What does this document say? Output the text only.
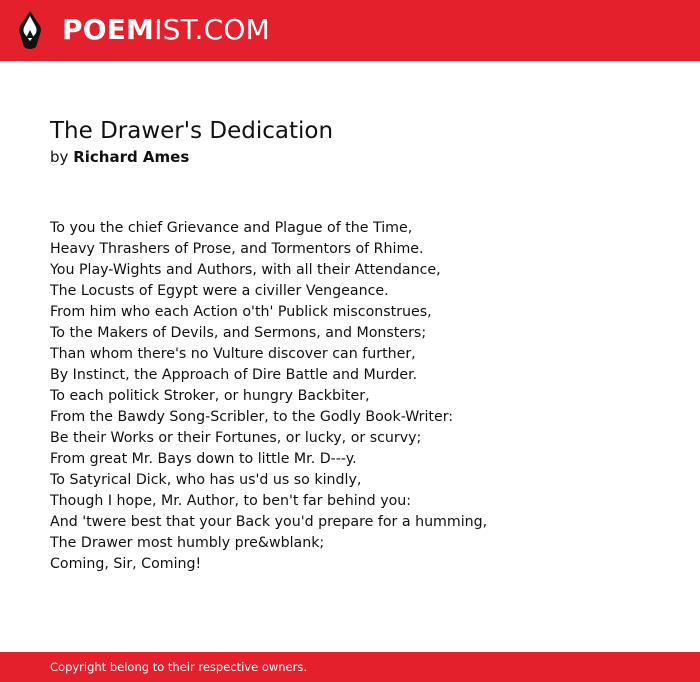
POEMIST.COM
The Drawer's Dedication

by Richard Ames

To you the chief Grievance and Plague of the Time,
Heavy Thrashers of Prose, and Tormentors of Rhime.
You Play-Wights and Authors, with all their Attendance,
The Locusts of Egypt were a civiller Vengeance.
From him who each Action o'th' Publick misconstrues,
To the Makers of Devils, and Sermons, and Monsters;
Than whom there's no Vulture discover can further,
By Instinct, the Approach of Dire Battle and Murder.
To each politick Stroker, or hungry Backbiter,
From the Bawdy Song-Scribler, to the Godly Book-Writer:
Be their Works or their Fortunes, or lucky, or scurvy;
From great Mr. Bays down to little Mr. D---y.
To Satyrical Dick, who has us'd us so kindly,
Though I hope, Mr. Author, to ben't far behind you:
And 'twere best that your Back you'd prepare for a humming,
The Drawer most humbly pre&wblank;
Coming, Sir, Coming!
Copyright belong to their respective owners.
